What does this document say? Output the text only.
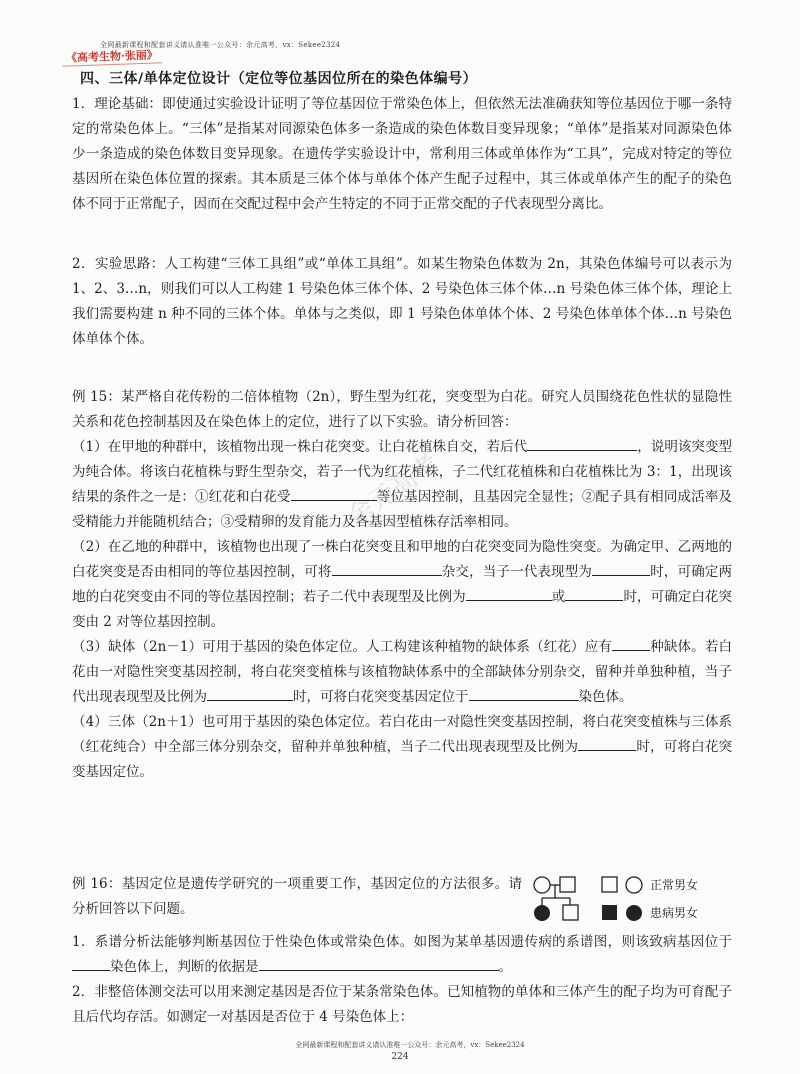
全网最新课程和配套讲义请认准唯一公众号：余元高考，vx：Sekee2324
《高考生物·张丽》
四、三体/单体定位设计（定位等位基因位所在的染色体编号）

1．理论基础：即使通过实验设计证明了等位基因位于常染色体上，但依然无法准确获知等位基因位于哪一条特定的常染色体上。“三体”是指某对同源染色体多一条造成的染色体数目变异现象；“单体”是指某对同源染色体少一条造成的染色体数目变异现象。在遗传学实验设计中，常利用三体或单体作为“工具”，完成对特定的等位基因所在染色体位置的探索。其本质是三体个体与单体个体产生配子过程中，其三体或单体产生的配子的染色体不同于正常配子，因而在交配过程中会产生特定的不同于正常交配的子代表现型分离比。

2．实验思路：人工构建“三体工具组”或“单体工具组”。如某生物染色体数为 2n，其染色体编号可以表示为 1、2、3…n，则我们可以人工构建 1 号染色体三体个体、2 号染色体三体个体…n 号染色体三体个体，理论上我们需要构建 n 种不同的三体个体。单体与之类似，即 1 号染色体单体个体、2 号染色体单体个体…n 号染色体单体个体。

例 15：某严格自花传粉的二倍体植物（2n），野生型为红花，突变型为白花。研究人员围绕花色性状的显隐性关系和花色控制基因及在染色体上的定位，进行了以下实验。请分析回答：

（1）在甲地的种群中，该植物出现一株白花突变。让白花植株自交，若后代	，说明该突变型为纯合体。将该白花植株与野生型杂交，若子一代为红花植株，子二代红花植株和白花植株比为 3：1，出现该结果的条件之一是：①红花和白花受	等位基因控制，且基因完全显性；②配子具有相同成活率及受精能力并能随机结合；③受精卵的发育能力及各基因型植株存活率相同。

（2）在乙地的种群中，该植物也出现了一株白花突变且和甲地的白花突变同为隐性突变。为确定甲、乙两地的白花突变是否由相同的等位基因控制，可将	杂交，当子一代表现型为	时，可确定两地的白花突变由不同的等位基因控制；若子二代中表现型及比例为	或	时，可确定白花突变由 2 对等位基因控制。

（3）缺体（2n－1）可用于基因的染色体定位。人工构建该种植物的缺体系（红花）应有	种缺体。若白花由一对隐性突变基因控制，将白花突变植株与该植物缺体系中的全部缺体分别杂交，留种并单独种植，当子代出现表现型及比例为	时，可将白花突变基因定位于	染色体。

（4）三体（2n＋1）也可用于基因的染色体定位。若白花由一对隐性突变基因控制，将白花突变植株与三体系（红花纯合）中全部三体分别杂交，留种并单独种植，当子二代出现表现型及比例为	时，可将白花突变基因定位。

余元高考

例 16：基因定位是遗传学研究的一项重要工作，基因定位的方法很多。请分析回答以下问题。

正常男女
患病男女

1．系谱分析法能够判断基因位于性染色体或常染色体。如图为某单基因遗传病的系谱图，则该致病基因位于染色体上，判断的依据是	。

2．非整倍体测交法可以用来测定基因是否位于某条常染色体。已知植物的单体和三体产生的配子均为可育配子且后代均存活。如测定一对基因是否位于 4 号染色体上：

全网最新课程和配套讲义请认准唯一公众号：余元高考，vx：Sekee2324
224
